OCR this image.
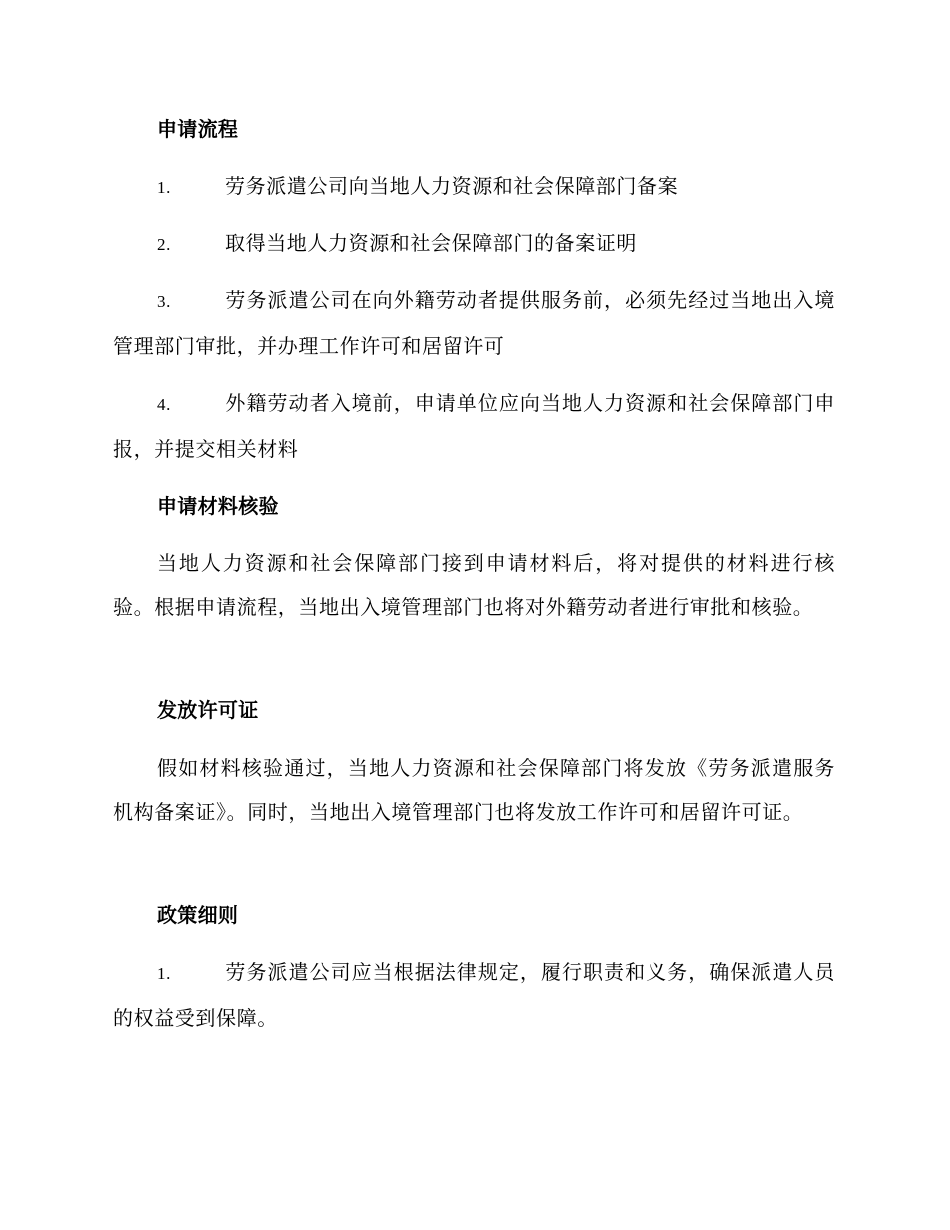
申请流程
1.	劳务派遣公司向当地人力资源和社会保障部门备案
2.	取得当地人力资源和社会保障部门的备案证明
3.	劳务派遣公司在向外籍劳动者提供服务前，必须先经过当地出入境管理部门审批，并办理工作许可和居留许可
4.	外籍劳动者入境前，申请单位应向当地人力资源和社会保障部门申报，并提交相关材料
申请材料核验
当地人力资源和社会保障部门接到申请材料后，将对提供的材料进行核验。根据申请流程，当地出入境管理部门也将对外籍劳动者进行审批和核验。
发放许可证
假如材料核验通过，当地人力资源和社会保障部门将发放《劳务派遣服务机构备案证》。同时，当地出入境管理部门也将发放工作许可和居留许可证。
政策细则
1.	劳务派遣公司应当根据法律规定，履行职责和义务，确保派遣人员的权益受到保障。
